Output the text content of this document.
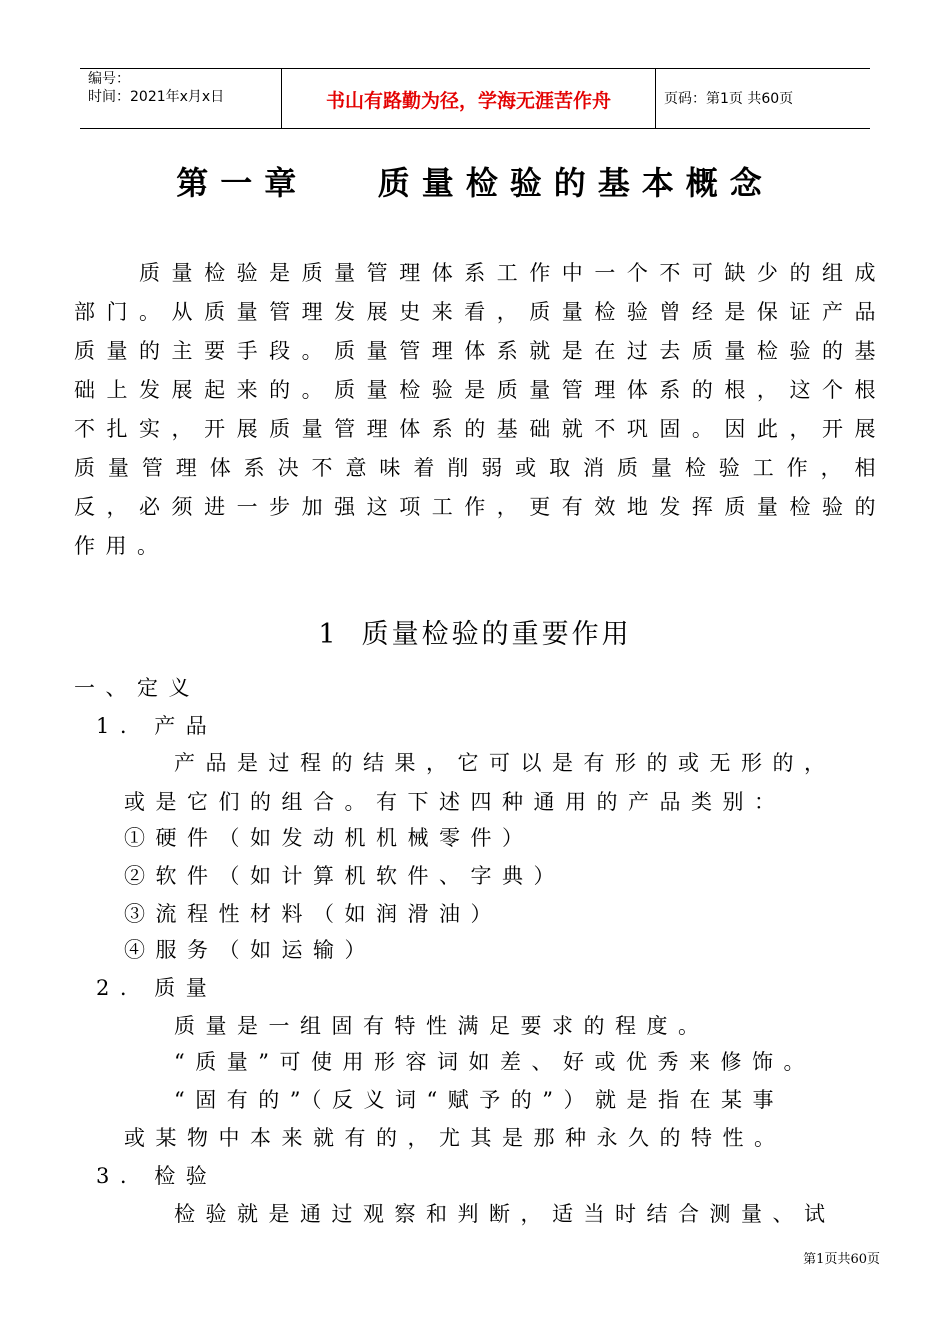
编号：
时间：2021年x月x日	书山有路勤为径，学海无涯苦作舟	页码：第1页 共60页
第一章   质量检验的基本概念

　　质量检验是质量管理体系工作中一个不可缺少的组成部门。从质量管理发展史来看，质量检验曾经是保证产品质量的主要手段。质量管理体系就是在过去质量检验的基础上发展起来的。质量检验是质量管理体系的根，这个根不扎实，开展质量管理体系的基础就不巩固。因此，开展质量管理体系决不意味着削弱或取消质量检验工作，相反，必须进一步加强这项工作，更有效地发挥质量检验的作用。

1  质量检验的重要作用
一、定义
1. 产品
产品是过程的结果，它可以是有形的或无形的，
或是它们的组合。有下述四种通用的产品类别：
①硬件（如发动机机械零件）
②软件（如计算机软件、字典）
③流程性材料（如润滑油）
④服务（如运输）
2. 质量
质量是一组固有特性满足要求的程度。
“质量”可使用形容词如差、好或优秀来修饰。
“固有的”（反义词“赋予的”）就是指在某事
或某物中本来就有的，尤其是那种永久的特性。
3. 检验
检验就是通过观察和判断，适当时结合测量、试
第1页共60页
